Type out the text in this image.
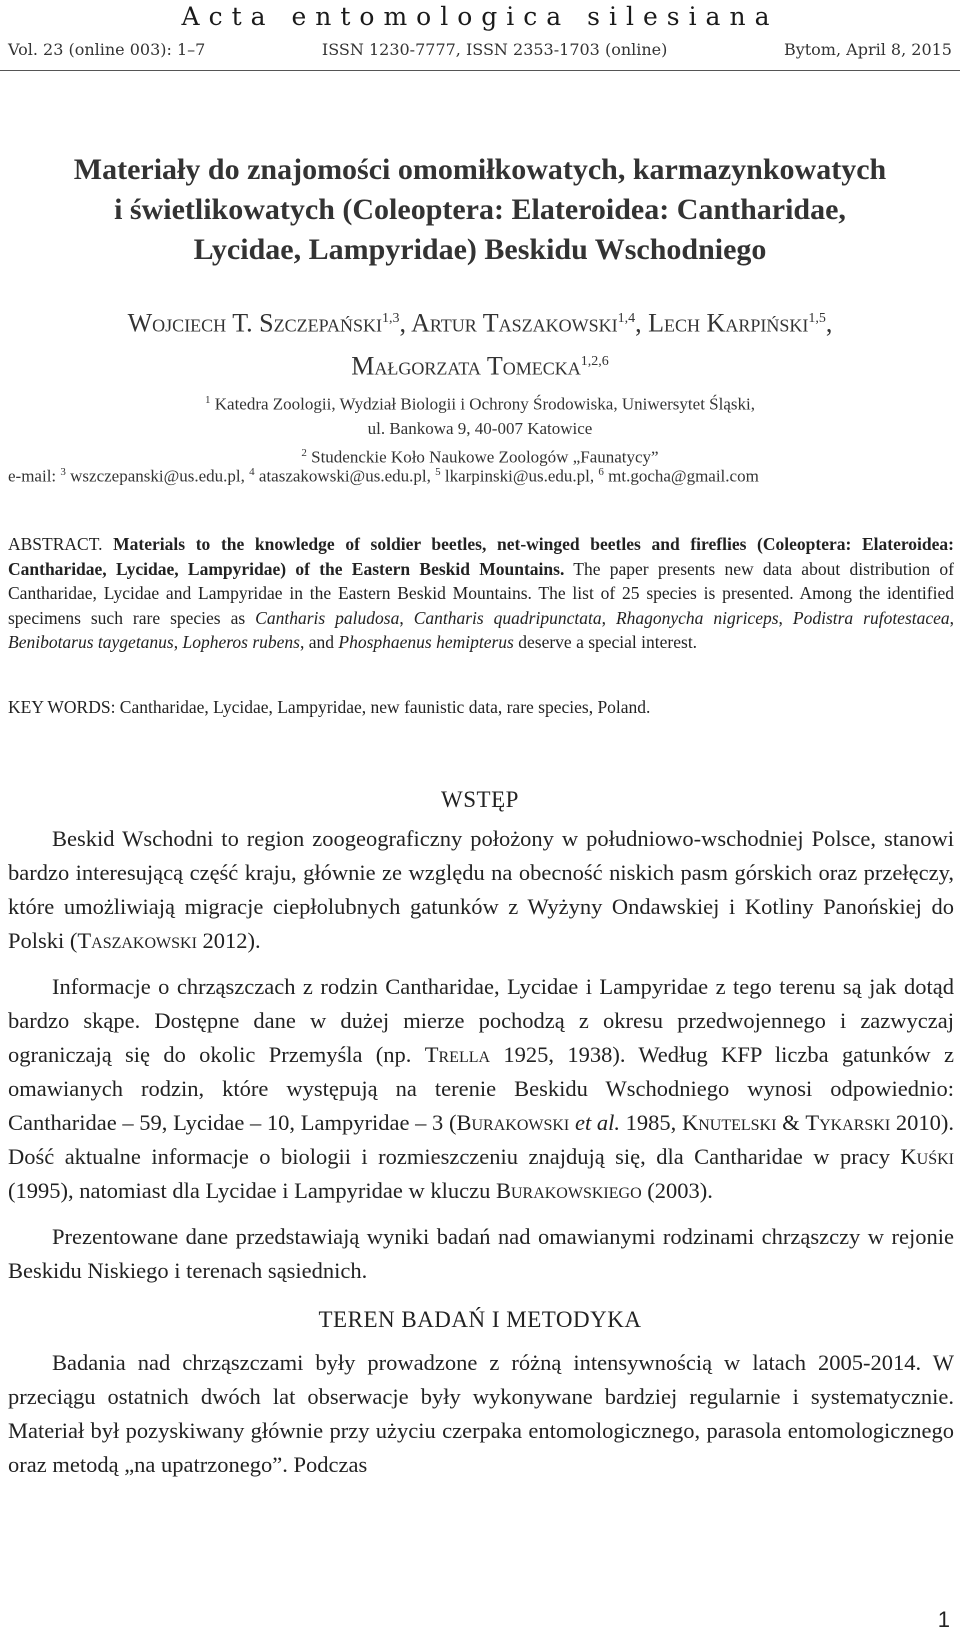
Acta entomologica silesiana
Vol. 23 (online 003): 1–7	ISSN 1230-7777, ISSN 2353-1703 (online)	Bytom, April 8, 2015
Materiały do znajomości omomiłkowatych, karmazynkowatych
i świetlikowatych (Coleoptera: Elateroidea: Cantharidae,
Lycidae, Lampyridae) Beskidu Wschodniego
Wojciech T. Szczepański$^{1,3}$, Artur Taszakowski$^{1,4}$, Lech Karpiński$^{1,5}$,
Małgorzata Tomecka$^{1,2,6}$
$^1$ Katedra Zoologii, Wydział Biologii i Ochrony Środowiska, Uniwersytet Śląski,
ul. Bankowa 9, 40-007 Katowice
$^2$ Studenckie Koło Naukowe Zoologów „Faunatycy”
e-mail: $^3$ wszczepanski@us.edu.pl, $^4$ ataszakowski@us.edu.pl, $^5$ lkarpinski@us.edu.pl, $^6$ mt.gocha@gmail.com
ABSTRACT. Materials to the knowledge of soldier beetles, net-winged beetles and fireflies (Coleoptera: Elateroidea: Cantharidae, Lycidae, Lampyridae) of the Eastern Beskid Mountains. The paper presents new data about distribution of Cantharidae, Lycidae and Lampyridae in the Eastern Beskid Mountains. The list of 25 species is presented. Among the identified specimens such rare species as Cantharis paludosa, Cantharis quadripunctata, Rhagonycha nigriceps, Podistra rufotestacea, Benibotarus taygetanus, Lopheros rubens, and Phosphaenus hemipterus deserve a special interest.
KEY WORDS: Cantharidae, Lycidae, Lampyridae, new faunistic data, rare species, Poland.
WSTĘP

Beskid Wschodni to region zoogeograficzny położony w południowo-wschodniej Polsce, stanowi bardzo interesującą część kraju, głównie ze względu na obecność niskich pasm górskich oraz przełęczy, które umożliwiają migracje ciepłolubnych gatunków z Wyżyny Ondawskiej i Kotliny Panońskiej do Polski (Taszakowski 2012).

Informacje o chrząszczach z rodzin Cantharidae, Lycidae i Lampyridae z tego terenu są jak dotąd bardzo skąpe. Dostępne dane w dużej mierze pochodzą z okresu przedwojennego i zazwyczaj ograniczają się do okolic Przemyśla (np. Trella 1925, 1938). Według KFP liczba gatunków z omawianych rodzin, które występują na terenie Beskidu Wschodniego wynosi odpowiednio: Cantharidae – 59, Lycidae – 10, Lampyridae – 3 (Burakowski et al. 1985, Knutelski & Tykarski 2010). Dość aktualne informacje o biologii i rozmieszczeniu znajdują się, dla Cantharidae w pracy Kuśki (1995), natomiast dla Lycidae i Lampyridae w kluczu Burakowskiego (2003).

Prezentowane dane przedstawiają wyniki badań nad omawianymi rodzinami chrząszczy w rejonie Beskidu Niskiego i terenach sąsiednich.

TEREN BADAŃ I METODYKA

Badania nad chrząszczami były prowadzone z różną intensywnością w latach 2005-2014. W przeciągu ostatnich dwóch lat obserwacje były wykonywane bardziej regularnie i systematycznie. Materiał był pozyskiwany głównie przy użyciu czerpaka entomologicznego, parasola entomologicznego oraz metodą „na upatrzonego”. Podczas

1
